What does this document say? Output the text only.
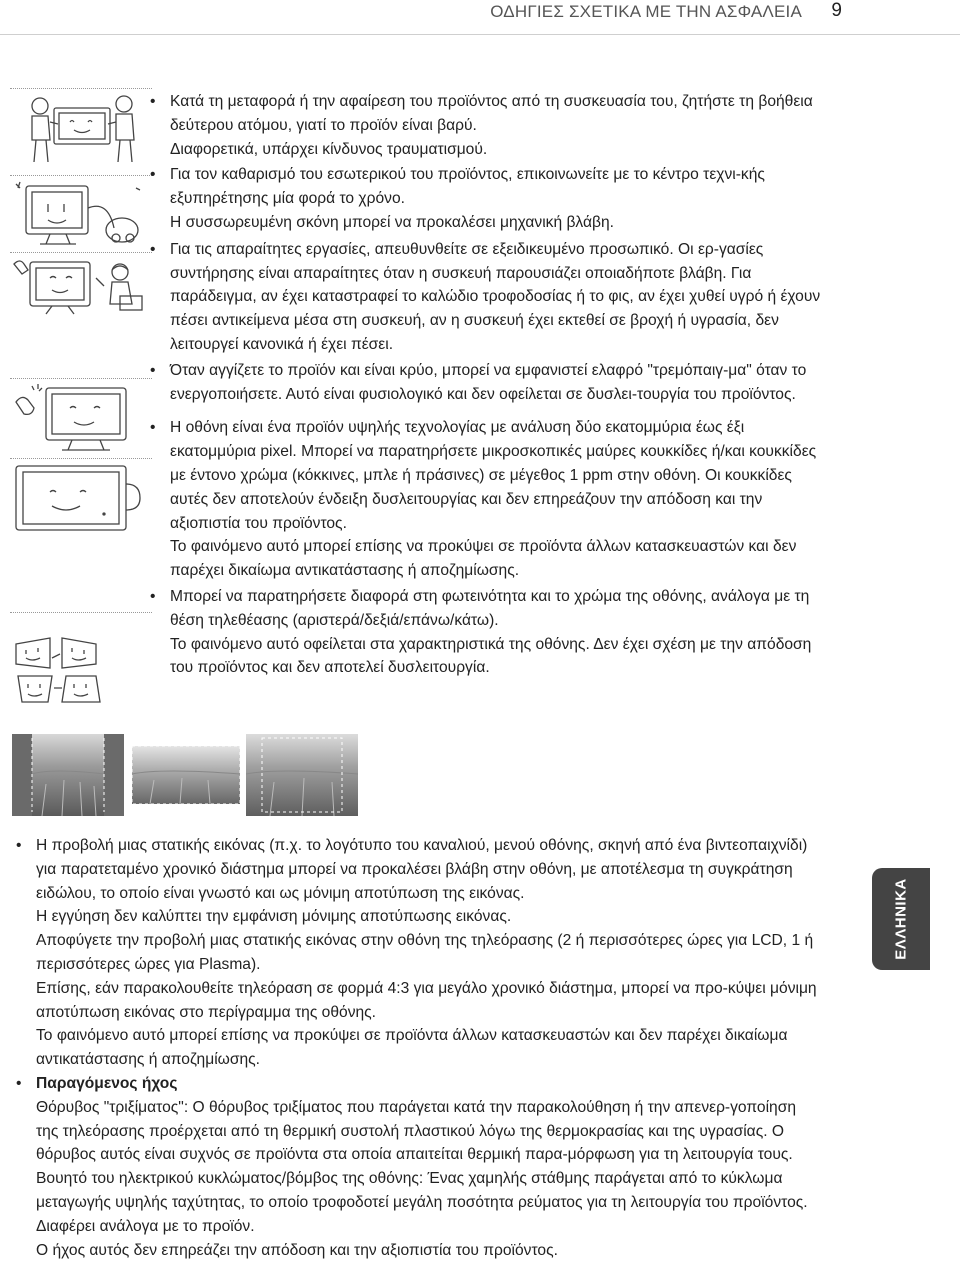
ΟΔΗΓΙΕΣ ΣΧΕΤΙΚΑ ΜΕ ΤΗΝ ΑΣΦΑΛΕΙΑ 9
ΕΛΛΗΝΙΚΑ
• Κατά τη μεταφορά ή την αφαίρεση του προϊόντος από τη συσκευασία του, ζητήστε τη βοήθεια δεύτερου ατόμου, γιατί το προϊόν είναι βαρύ.
Διαφορετικά, υπάρχει κίνδυνος τραυματισμού.
• Για τον καθαρισμό του εσωτερικού του προϊόντος, επικοινωνείτε με το κέντρο τεχνι-κής εξυπηρέτησης μία φορά το χρόνο.
Η συσσωρευμένη σκόνη μπορεί να προκαλέσει μηχανική βλάβη.
• Για τις απαραίτητες εργασίες, απευθυνθείτε σε εξειδικευμένο προσωπικό. Οι ερ-γασίες συντήρησης είναι απαραίτητες όταν η συσκευή παρουσιάζει οποιαδήποτε βλάβη. Για παράδειγμα, αν έχει καταστραφεί το καλώδιο τροφοδοσίας ή το φις, αν έχει χυθεί υγρό ή έχουν πέσει αντικείμενα μέσα στη συσκευή, αν η συσκευή έχει εκτεθεί σε βροχή ή υγρασία, δεν λειτουργεί κανονικά ή έχει πέσει.
• Όταν αγγίζετε το προϊόν και είναι κρύο, μπορεί να εμφανιστεί ελαφρό "τρεμόπαιγ-μα" όταν το ενεργοποιήσετε. Αυτό είναι φυσιολογικό και δεν οφείλεται σε δυσλει-τουργία του προϊόντος.
• Η οθόνη είναι ένα προϊόν υψηλής τεχνολογίας με ανάλυση δύο εκατομμύρια έως έξι εκατομμύρια pixel. Μπορεί να παρατηρήσετε μικροσκοπικές μαύρες κουκκίδες ή/και κουκκίδες με έντονο χρώμα (κόκκινες, μπλε ή πράσινες) σε μέγεθος 1 ppm στην οθόνη. Οι κουκκίδες αυτές δεν αποτελούν ένδειξη δυσλειτουργίας και δεν επηρεάζουν την απόδοση και την αξιοπιστία του προϊόντος.
Το φαινόμενο αυτό μπορεί επίσης να προκύψει σε προϊόντα άλλων κατασκευαστών και δεν παρέχει δικαίωμα αντικατάστασης ή αποζημίωσης.
• Μπορεί να παρατηρήσετε διαφορά στη φωτεινότητα και το χρώμα της οθόνης, ανάλογα με τη θέση τηλεθέασης (αριστερά/δεξιά/επάνω/κάτω).
Το φαινόμενο αυτό οφείλεται στα χαρακτηριστικά της οθόνης. Δεν έχει σχέση με την απόδοση του προϊόντος και δεν αποτελεί δυσλειτουργία.
• Η προβολή μιας στατικής εικόνας (π.χ. το λογότυπο του καναλιού, μενού οθόνης, σκηνή από ένα βιντεοπαιχνίδι) για παρατεταμένο χρονικό διάστημα μπορεί να προκαλέσει βλάβη στην οθόνη, με αποτέλεσμα τη συγκράτηση ειδώλου, το οποίο είναι γνωστό και ως μόνιμη αποτύπωση της εικόνας.
Η εγγύηση δεν καλύπτει την εμφάνιση μόνιμης αποτύπωσης εικόνας.
Αποφύγετε την προβολή μιας στατικής εικόνας στην οθόνη της τηλεόρασης (2 ή περισσότερες ώρες για LCD, 1 ή περισσότερες ώρες για Plasma).
Επίσης, εάν παρακολουθείτε τηλεόραση σε φορμά 4:3 για μεγάλο χρονικό διάστημα, μπορεί να προ-κύψει μόνιμη αποτύπωση εικόνας στο περίγραμμα της οθόνης.
Το φαινόμενο αυτό μπορεί επίσης να προκύψει σε προϊόντα άλλων κατασκευαστών και δεν παρέχει δικαίωμα αντικατάστασης ή αποζημίωσης.
• Παραγόμενος ήχος
Θόρυβος "τριξίματος": Ο θόρυβος τριξίματος που παράγεται κατά την παρακολούθηση ή την απενερ-γοποίηση της τηλεόρασης προέρχεται από τη θερμική συστολή πλαστικού λόγω της θερμοκρασίας και της υγρασίας. Ο θόρυβος αυτός είναι συχνός σε προϊόντα στα οποία απαιτείται θερμική παρα-μόρφωση για τη λειτουργία τους. Βουητό του ηλεκτρικού κυκλώματος/βόμβος της οθόνης: Ένας χαμηλής στάθμης παράγεται από το κύκλωμα μεταγωγής υψηλής ταχύτητας, το οποίο τροφοδοτεί μεγάλη ποσότητα ρεύματος για τη λειτουργία του προϊόντος. Διαφέρει ανάλογα με το προϊόν.
Ο ήχος αυτός δεν επηρεάζει την απόδοση και την αξιοπιστία του προϊόντος.
